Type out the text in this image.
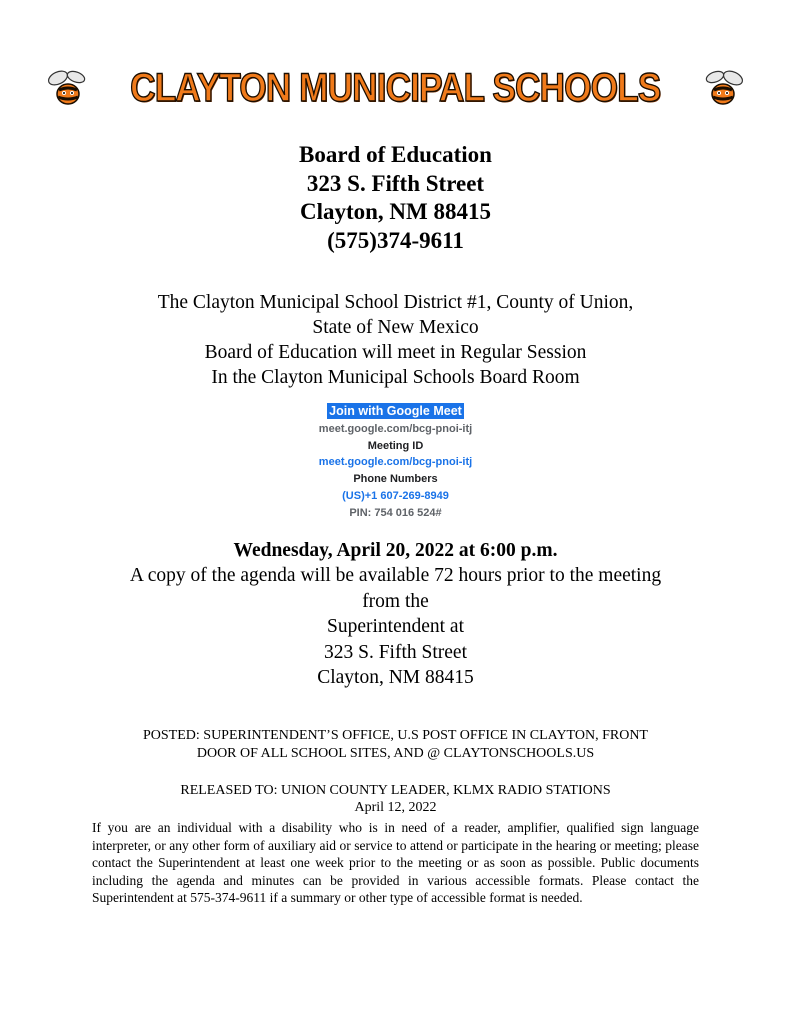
CLAYTON MUNICIPAL SCHOOLS
Board of Education
323 S. Fifth Street
Clayton, NM 88415
(575)374-9611
The Clayton Municipal School District #1, County of Union,
State of New Mexico
Board of Education will meet in Regular Session
In the Clayton Municipal Schools Board Room
Join with Google Meet
meet.google.com/bcg-pnoi-itj
Meeting ID
meet.google.com/bcg-pnoi-itj
Phone Numbers
(US)+1 607-269-8949
PIN: 754 016 524#
Wednesday, April 20, 2022 at 6:00 p.m.
A copy of the agenda will be available 72 hours prior to the meeting
from the
Superintendent at
323 S. Fifth Street
Clayton, NM 88415
POSTED: SUPERINTENDENT’S OFFICE, U.S POST OFFICE IN CLAYTON, FRONT
DOOR OF ALL SCHOOL SITES, AND @ CLAYTONSCHOOLS.US
RELEASED TO: UNION COUNTY LEADER, KLMX RADIO STATIONS
April 12, 2022
If you are an individual with a disability who is in need of a reader, amplifier, qualified sign language interpreter, or any other form of auxiliary aid or service to attend or participate in the hearing or meeting; please contact the Superintendent at least one week prior to the meeting or as soon as possible. Public documents including the agenda and minutes can be provided in various accessible formats. Please contact the Superintendent at 575-374-9611 if a summary or other type of accessible format is needed.
